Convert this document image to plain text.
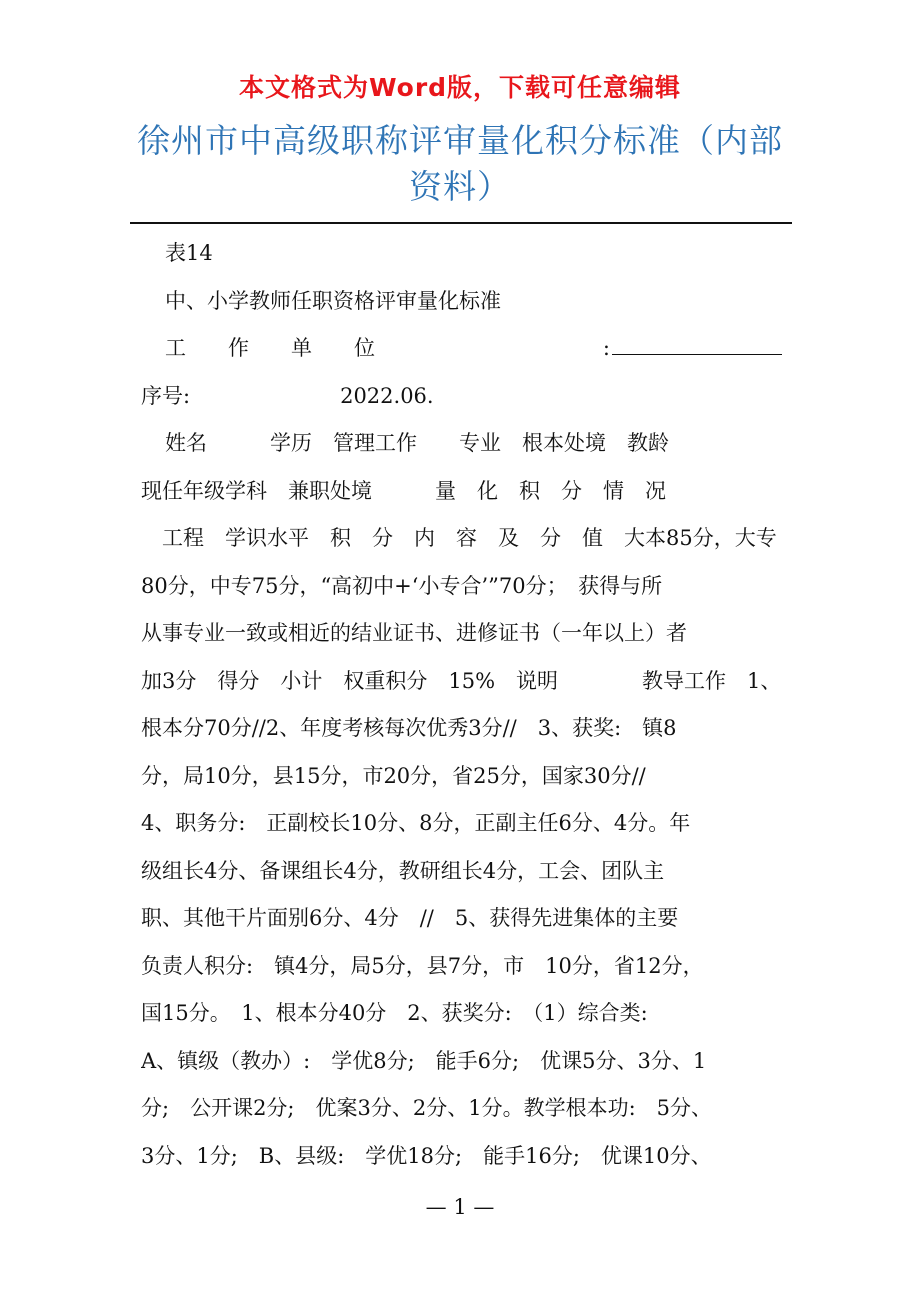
本文格式为Word版，下载可任意编辑
徐州市中高级职称评审量化积分标准（内部资料）
表14
中、小学教师任职资格评审量化标准
工　　作　　单　　位	:
序号:	2022.06.
姓名　　　学历　管理工作　　专业　根本处境　教龄
现任年级学科　兼职处境　　　量　化　积　分　情　况
　工程　学识水平　积　分　内　容　及　分　值　大本85分，大专
80分，中专75分，“高初中+‘小专合’”70分；　获得与所
从事专业一致或相近的结业证书、进修证书（一年以上）者
加3分　得分　小计　权重积分　15%　说明　　　　教导工作　1、
根本分70分//2、年度考核每次优秀3分//　3、获奖:　镇8
分，局10分，县15分，市20分，省25分，国家30分//
4、职务分:　正副校长10分、8分，正副主任6分、4分。年
级组长4分、备课组长4分，教研组长4分，工会、团队主
职、其他干片面别6分、4分　//　5、获得先进集体的主要
负责人积分:　镇4分，局5分，县7分，市　10分，省12分，
国15分。　1、根本分40分　2、获奖分:　（1）综合类:
A、镇级（教办）:　学优8分;　能手6分;　优课5分、3分、1
分;　公开课2分;　优案3分、2分、1分。教学根本功:　5分、
3分、1分;　B、县级:　学优18分;　能手16分;　优课10分、
— 1 —
